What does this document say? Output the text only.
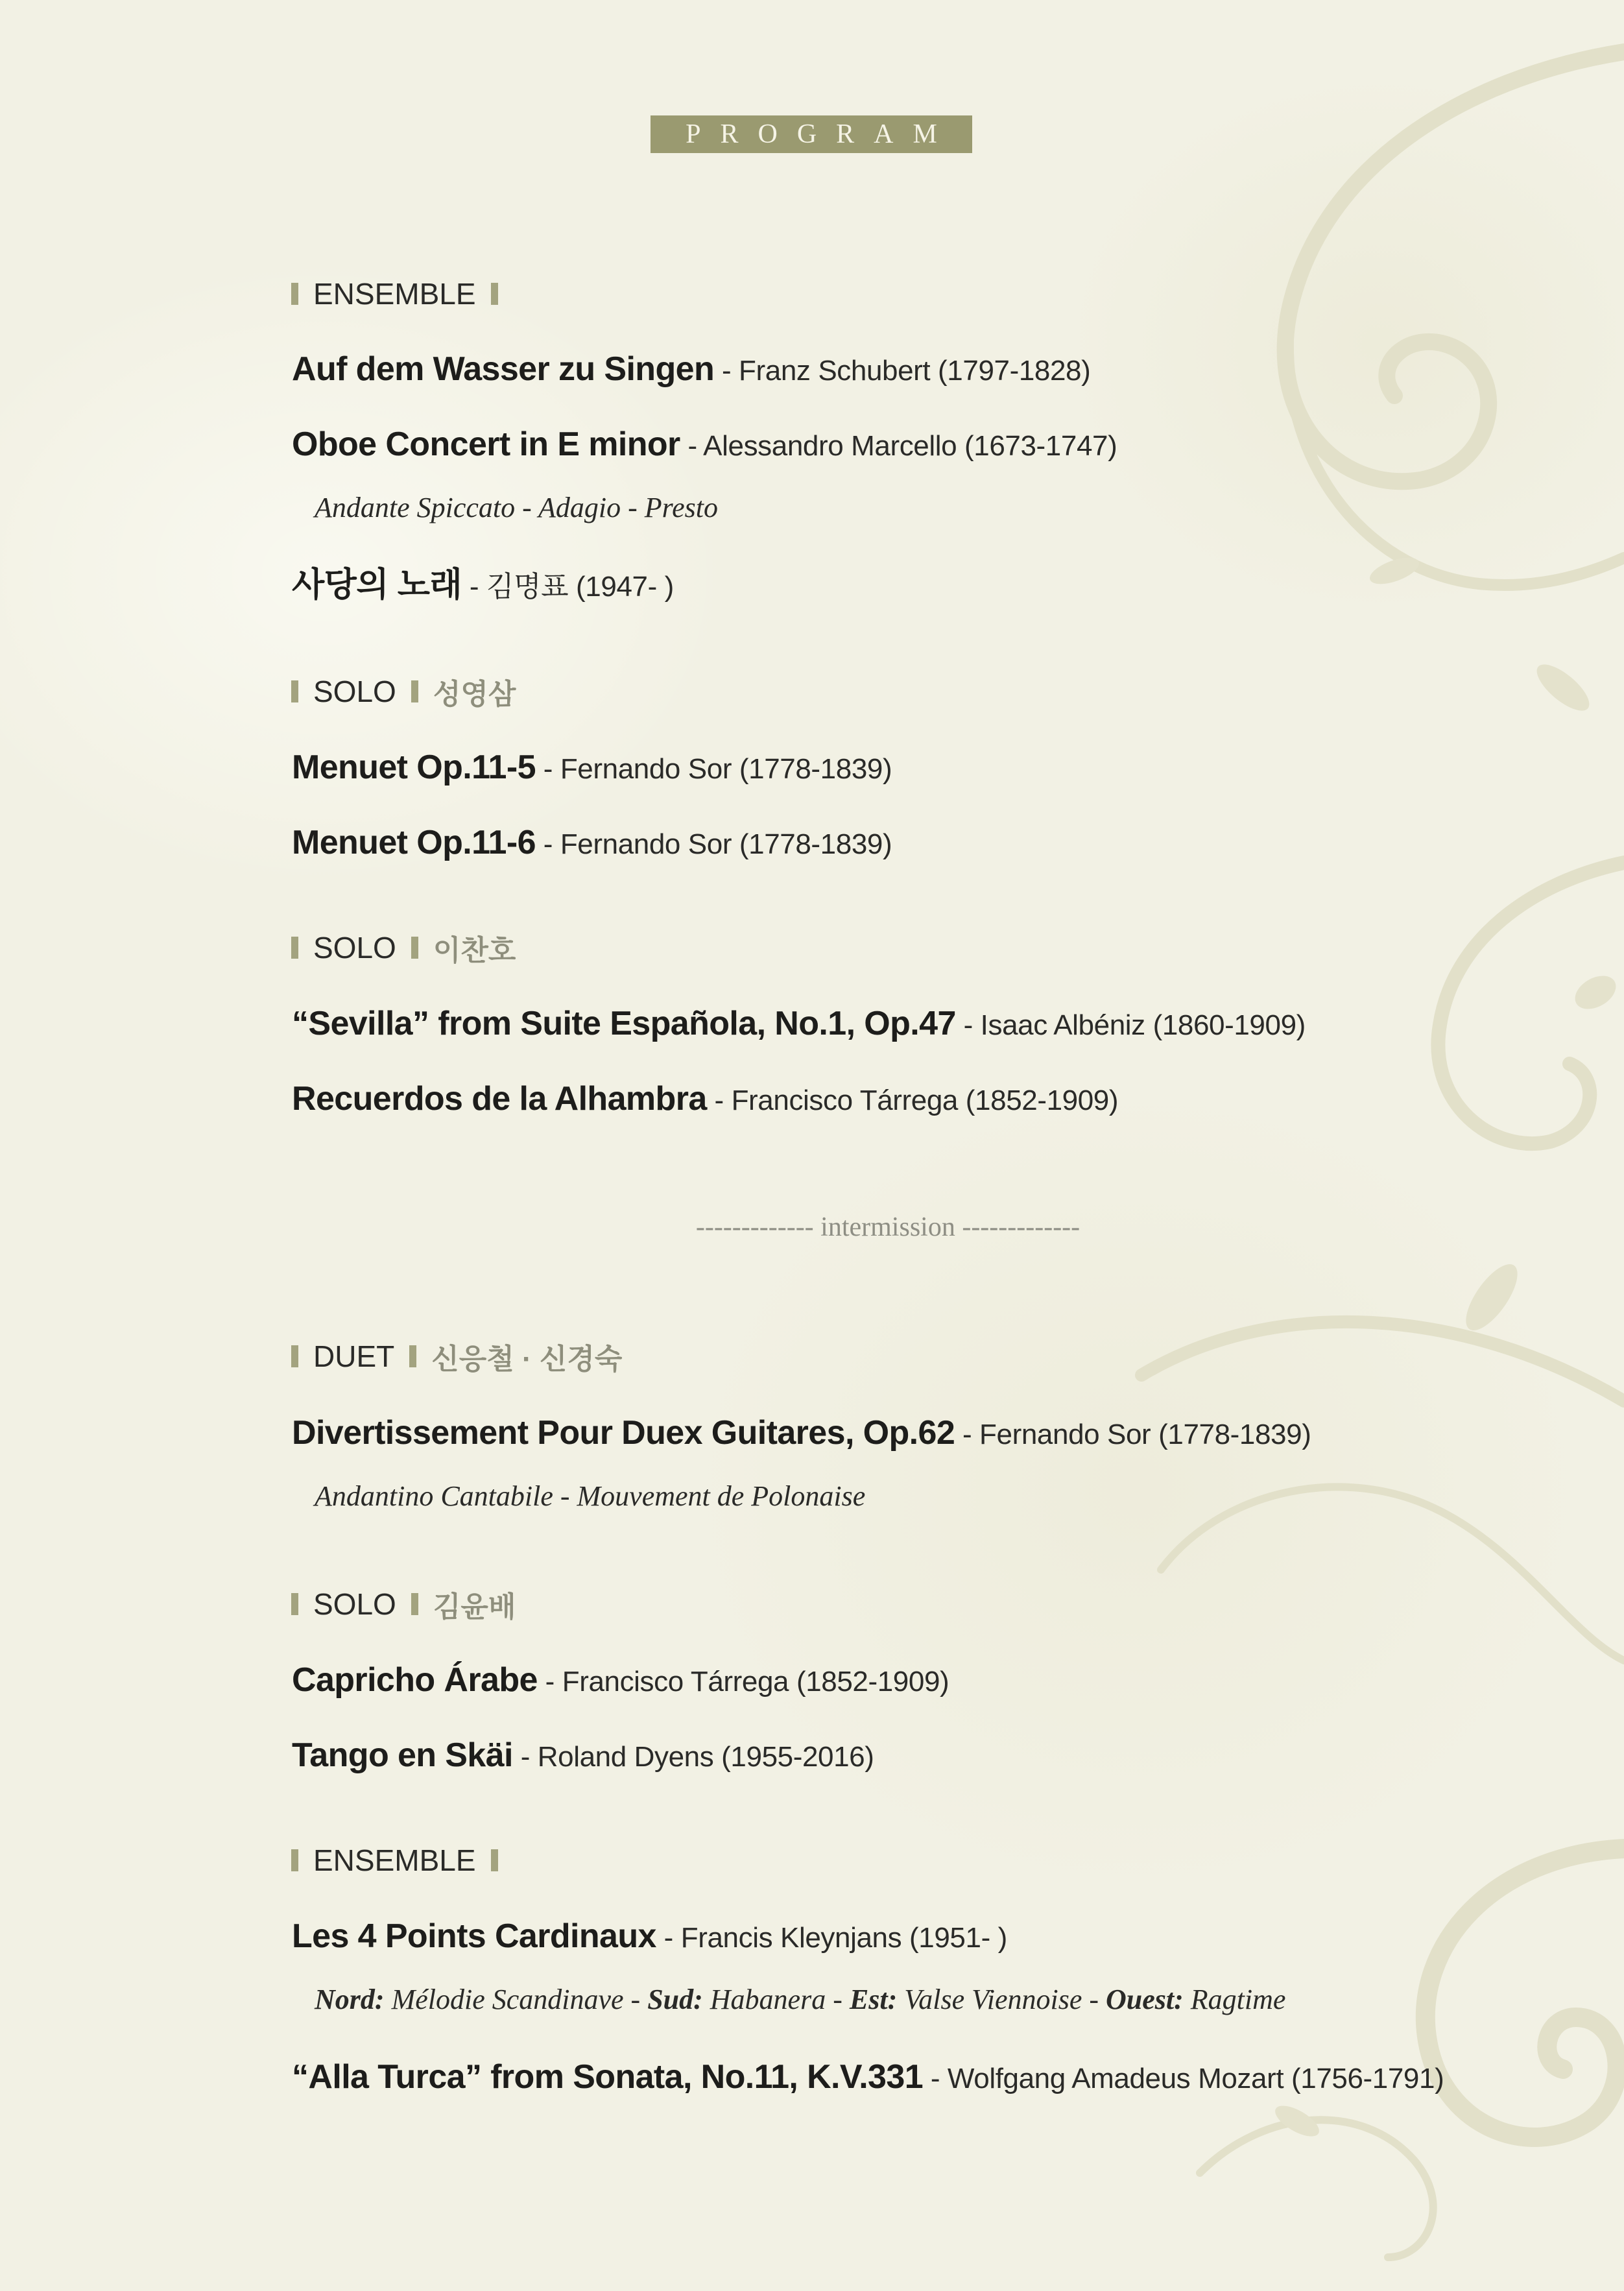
PROGRAM
ENSEMBLE
Auf dem Wasser zu Singen - Franz Schubert (1797-1828)
Oboe Concert in E minor - Alessandro Marcello (1673-1747)
Andante Spiccato - Adagio - Presto
사당의 노래 - 김명표 (1947- )
SOLO 성영삼
Menuet Op.11-5 - Fernando Sor (1778-1839)
Menuet Op.11-6 - Fernando Sor (1778-1839)
SOLO 이찬호
“Sevilla” from Suite Española, No.1, Op.47 - Isaac Albéniz (1860-1909)
Recuerdos de la Alhambra - Francisco Tárrega (1852-1909)
------------- intermission -------------
DUET 신응철 · 신경숙
Divertissement Pour Duex Guitares, Op.62 - Fernando Sor (1778-1839)
Andantino Cantabile - Mouvement de Polonaise
SOLO 김윤배
Capricho Árabe - Francisco Tárrega (1852-1909)
Tango en Skäi - Roland Dyens (1955-2016)
ENSEMBLE
Les 4 Points Cardinaux - Francis Kleynjans (1951- )
Nord: Mélodie Scandinave - Sud: Habanera - Est: Valse Viennoise - Ouest: Ragtime
“Alla Turca” from Sonata, No.11, K.V.331 - Wolfgang Amadeus Mozart (1756-1791)
